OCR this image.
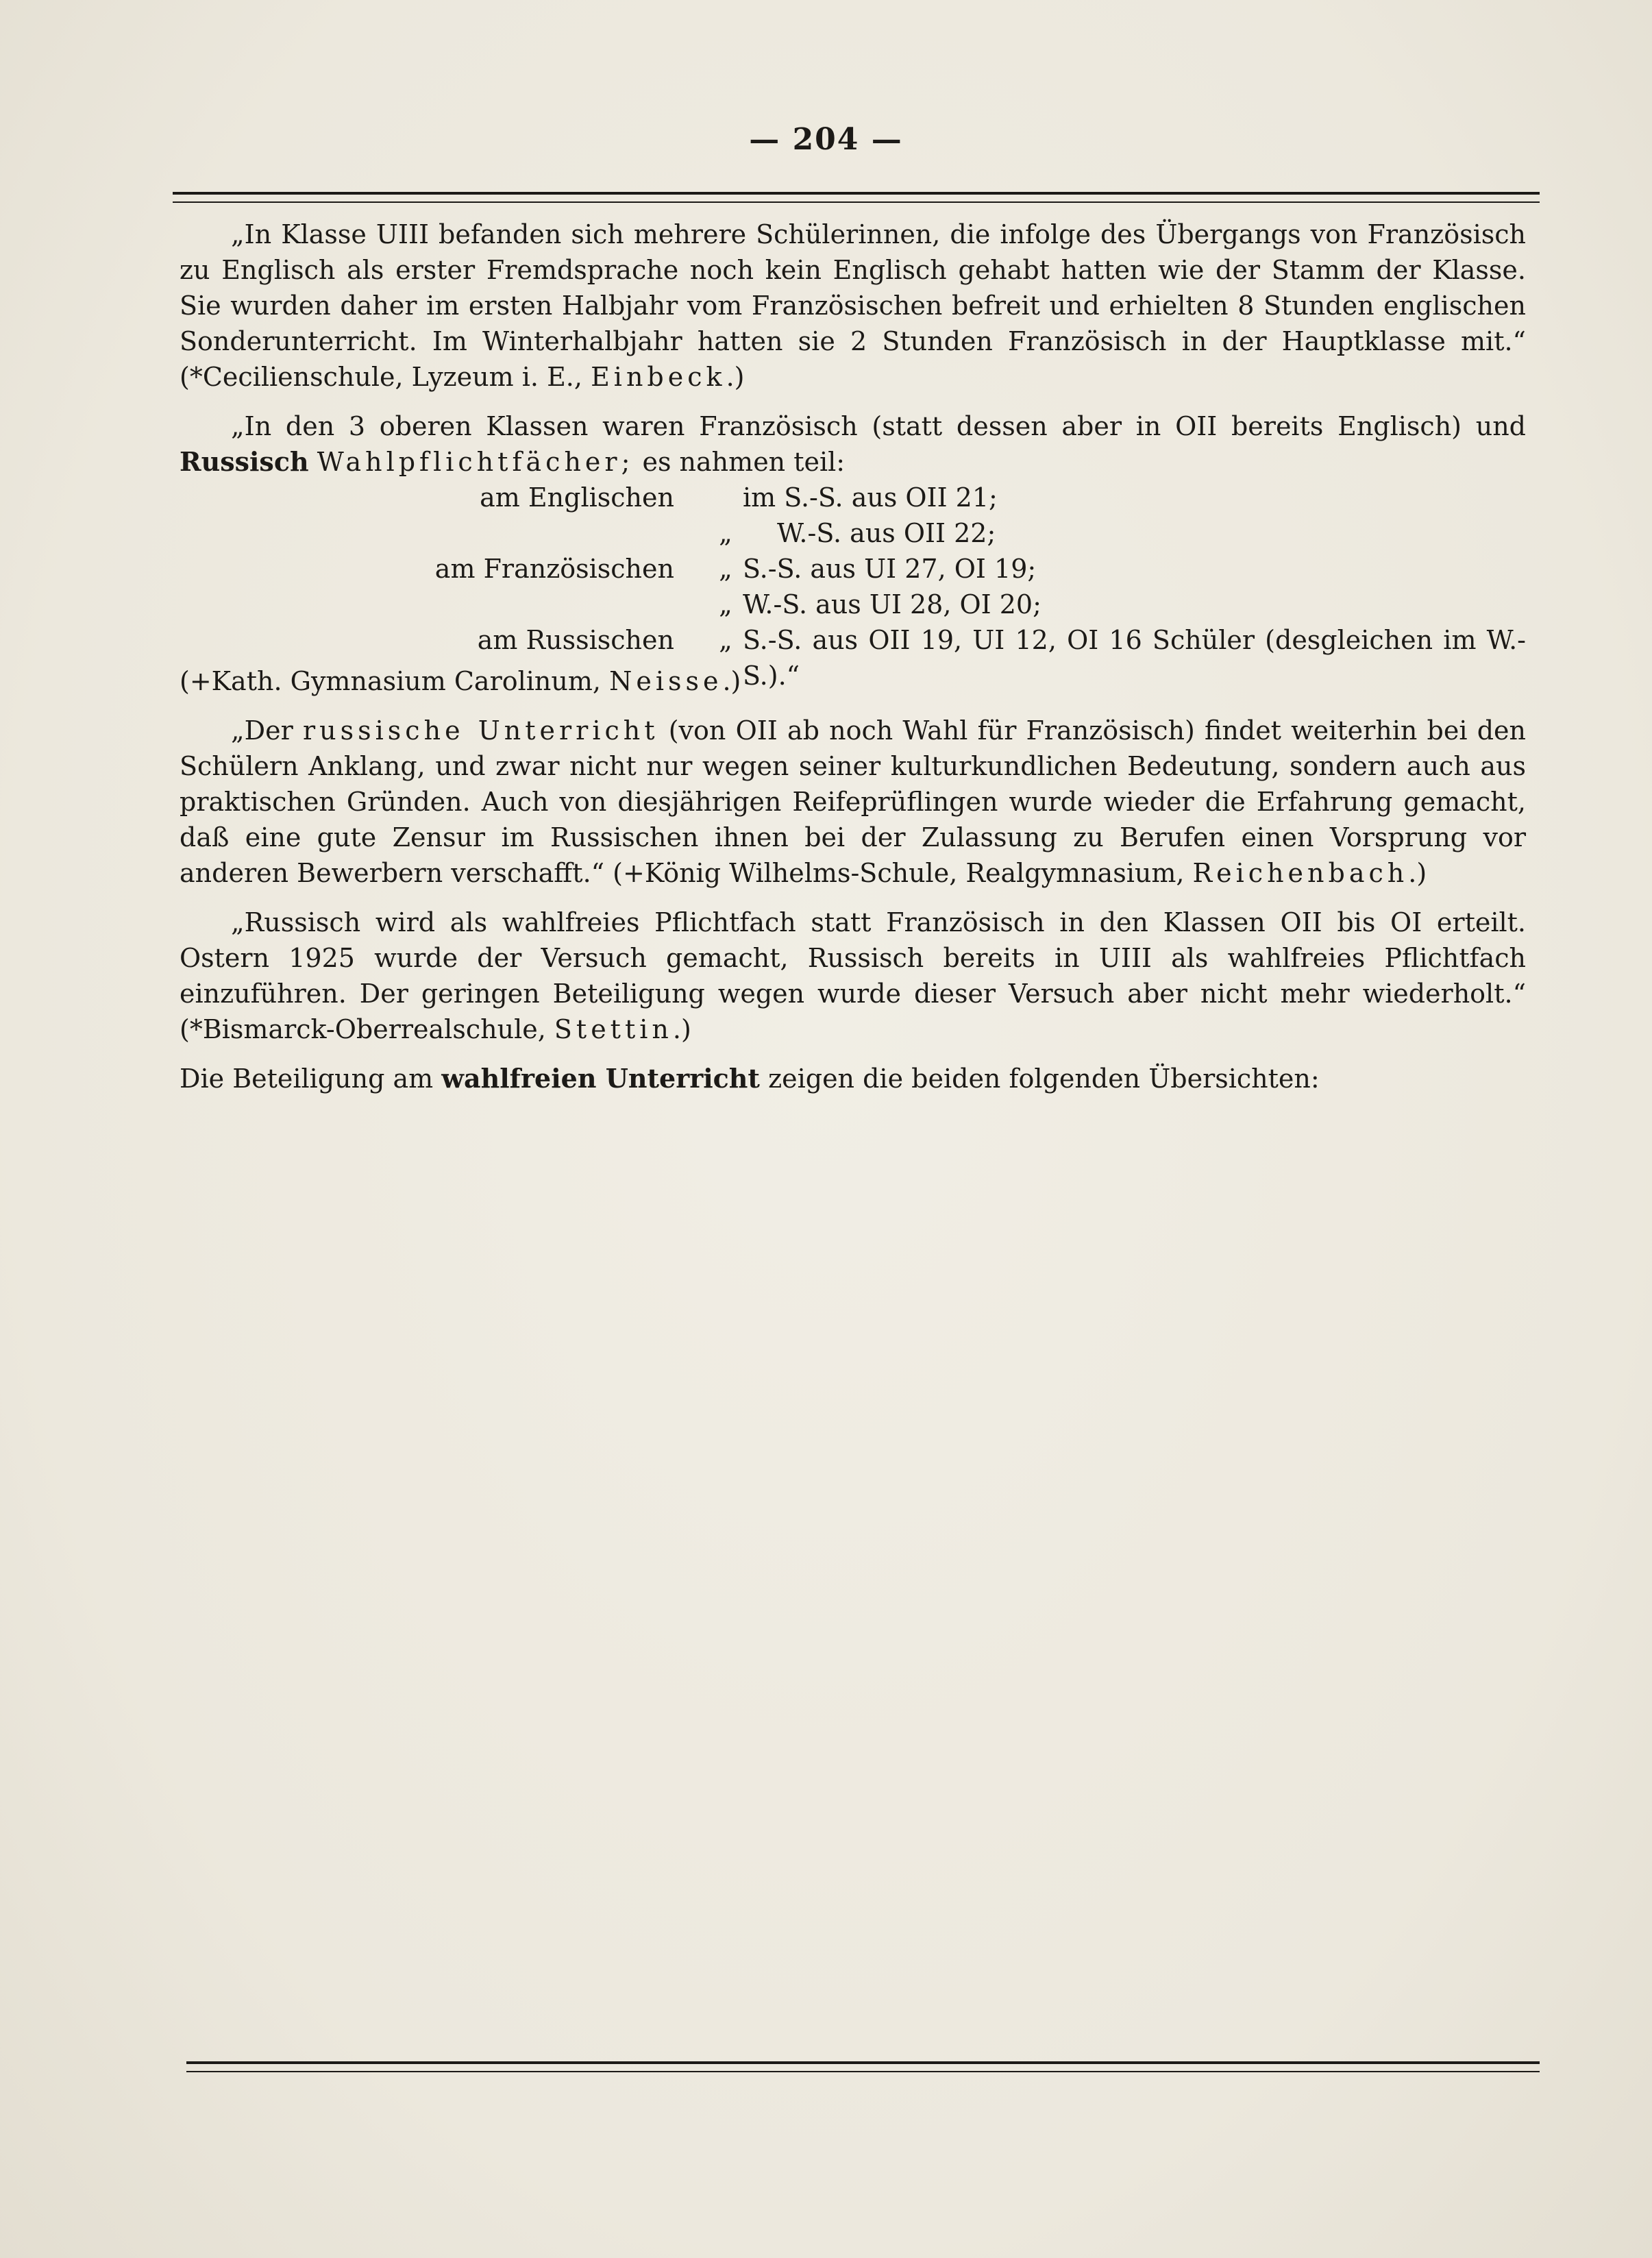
— 204 —

„In Klasse UIII befanden sich mehrere Schülerinnen, die infolge des Übergangs von Französisch zu Englisch als erster Fremdsprache noch kein Englisch gehabt hatten wie der Stamm der Klasse. Sie wurden daher im ersten Halbjahr vom Französischen befreit und erhielten 8 Stunden englischen Sonderunterricht. Im Winterhalbjahr hatten sie 2 Stunden Französisch in der Hauptklasse mit.“ (*Cecilienschule, Lyzeum i. E., Einbeck.)

„In den 3 oberen Klassen waren Französisch (statt dessen aber in OII bereits Englisch) und Russisch Wahlpflichtfächer; es nahmen teil:

am Englischen	im S.-S. aus OII 21;
„	W.-S. aus OII 22;
am Französischen „ S.-S. aus UI 27, OI 19;
„ W.-S. aus UI 28, OI 20;
am Russischen „ S.-S. aus OII 19, UI 12, OI 16 Schüler (desgleichen im W.-S.).“

(+Kath. Gymnasium Carolinum, Neisse.)

„Der russische Unterricht (von OII ab noch Wahl für Französisch) findet weiterhin bei den Schülern Anklang, und zwar nicht nur wegen seiner kulturkundlichen Bedeutung, sondern auch aus praktischen Gründen. Auch von diesjährigen Reifeprüflingen wurde wieder die Erfahrung gemacht, daß eine gute Zensur im Russischen ihnen bei der Zulassung zu Berufen einen Vorsprung vor anderen Bewerbern verschafft.“ (+König Wilhelms-Schule, Realgymnasium, Reichenbach.)

„Russisch wird als wahlfreies Pflichtfach statt Französisch in den Klassen OII bis OI erteilt. Ostern 1925 wurde der Versuch gemacht, Russisch bereits in UIII als wahlfreies Pflichtfach einzuführen. Der geringen Beteiligung wegen wurde dieser Versuch aber nicht mehr wiederholt.“ (*Bismarck-Oberrealschule, Stettin.)

Die Beteiligung am wahlfreien Unterricht zeigen die beiden folgenden Übersichten:
